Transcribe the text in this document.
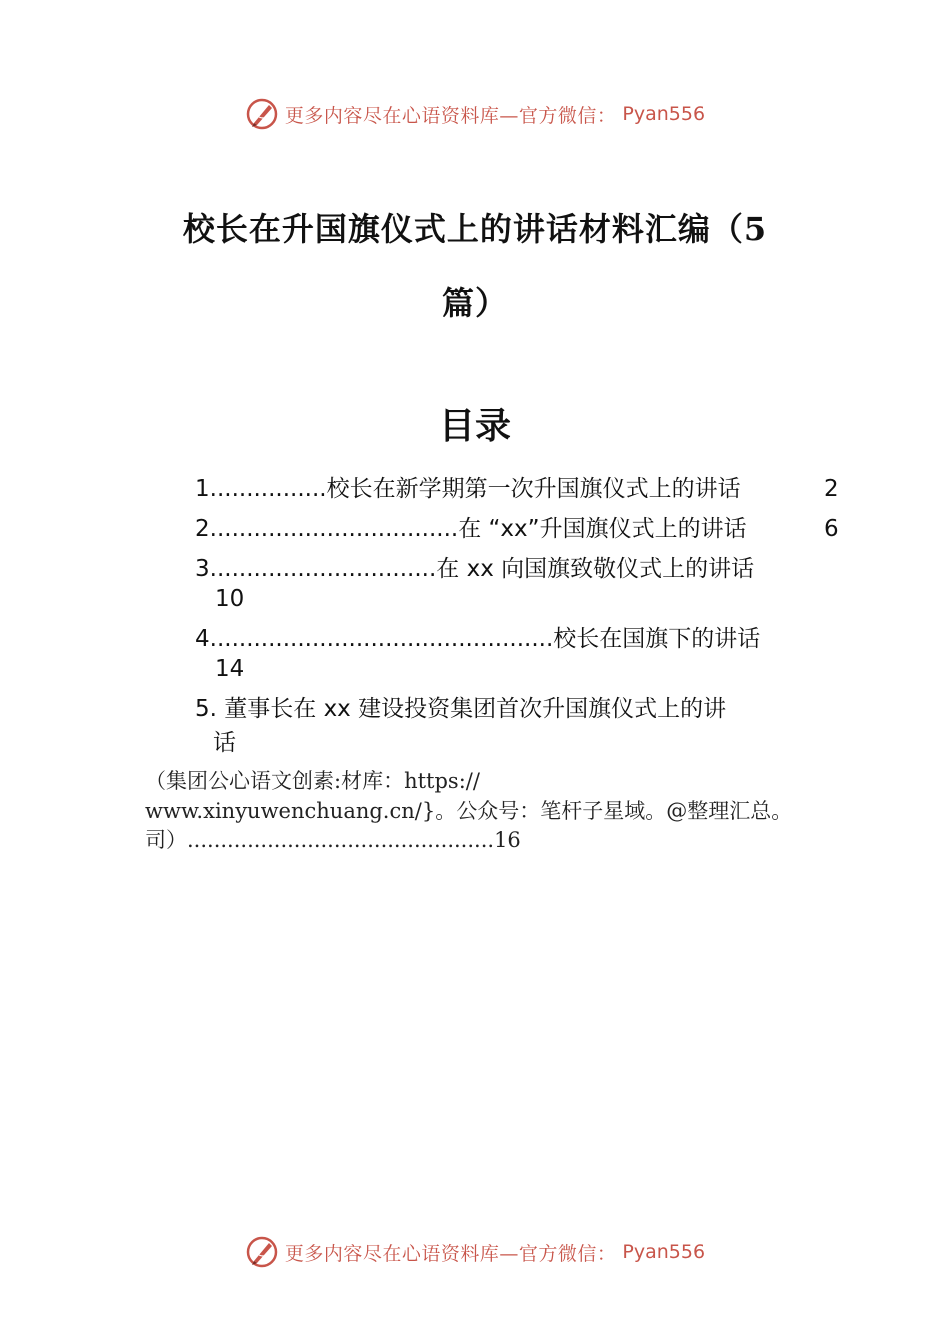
更多内容尽在心语资料库—官方微信： Pyan556
校长在升国旗仪式上的讲话材料汇编（5
篇）
目录
1................校长在新学期第一次升国旗仪式上的讲话	2
2..................................在 “xx”升国旗仪式上的讲话	6
3...............................在 xx 向国旗致敬仪式上的讲话
10
4...............................................校长在国旗下的讲话
14
5. 董事长在 xx 建设投资集团首次升国旗仪式上的讲
话
（集团公心语文创素:材库：https://
www.xinyuwenchuang.cn/}。公众号：笔杆子星域。@整理汇总。
司）..............................................16
更多内容尽在心语资料库—官方微信： Pyan556
